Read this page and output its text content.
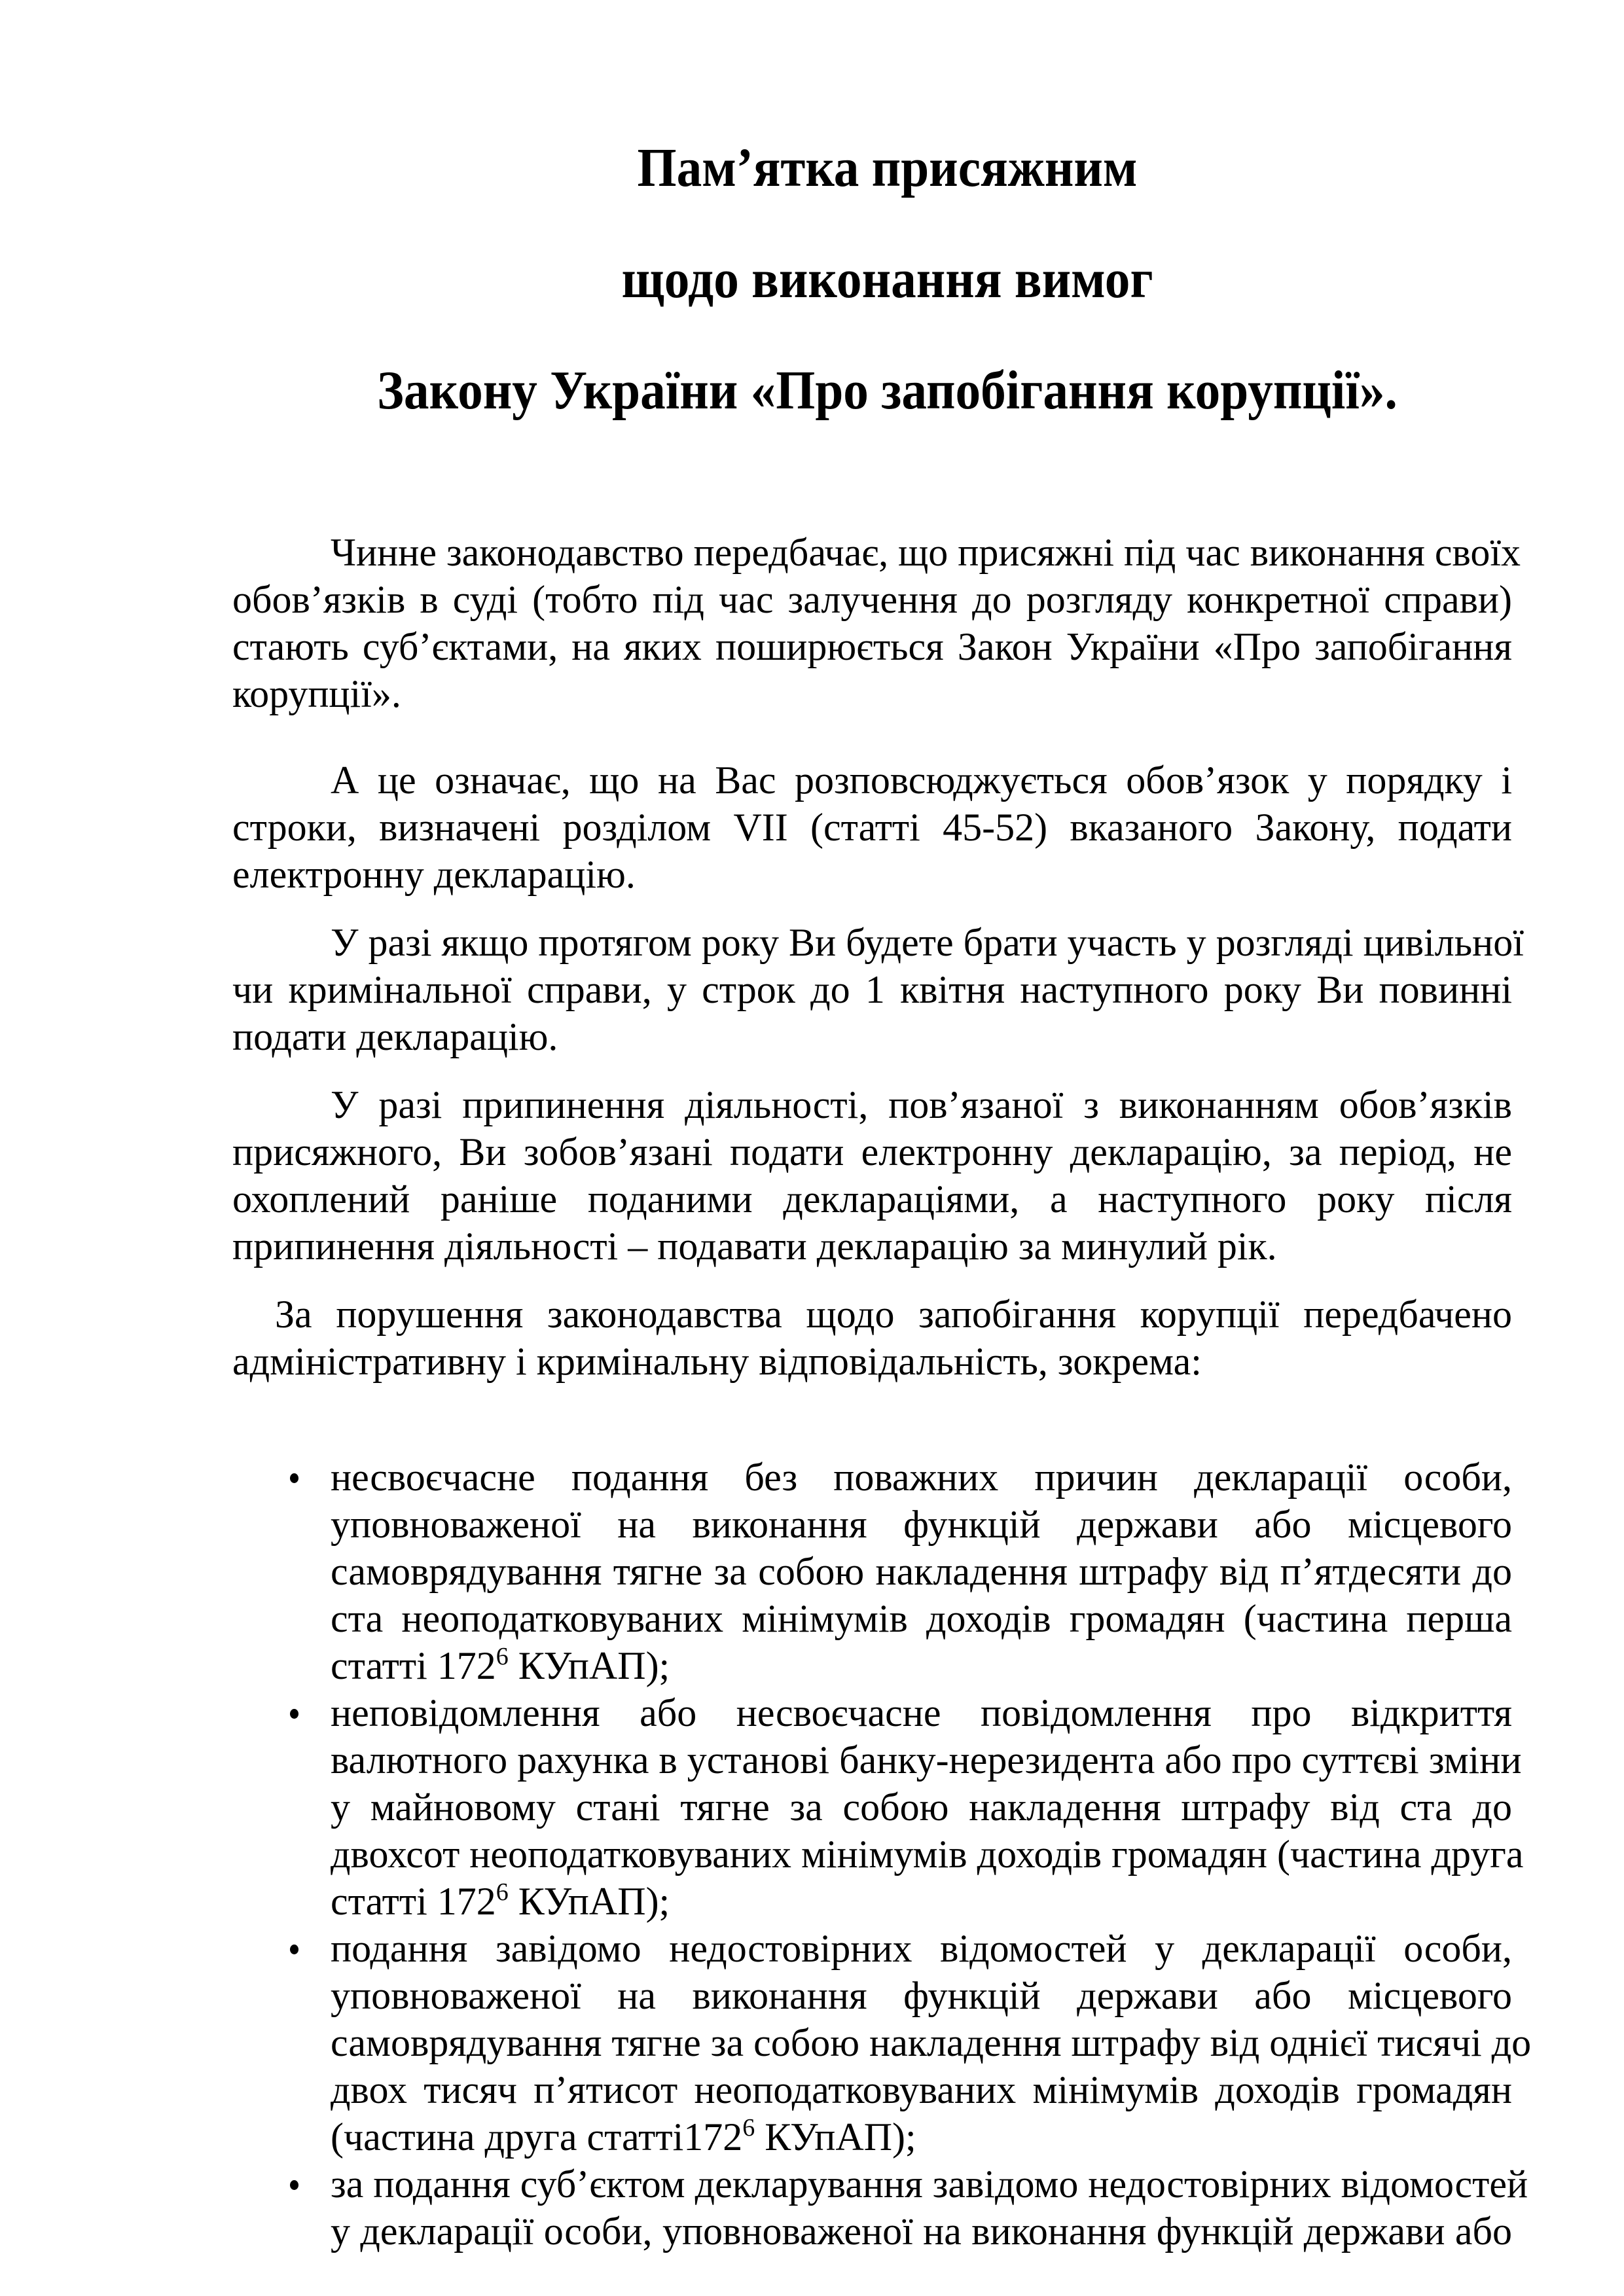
Пам’ятка присяжним
щодо виконання вимог
Закону України «Про запобігання корупції».
Чинне законодавство передбачає, що присяжні під час виконання своїх
обов’язків в суді (тобто під час залучення до розгляду конкретної справи)
стають суб’єктами, на яких поширюється Закон України «Про запобігання
корупції».
А це означає, що на Вас розповсюджується обов’язок у порядку і
строки, визначені розділом VII (статті 45-52) вказаного Закону, подати
електронну декларацію.
У разі якщо протягом року Ви будете брати участь у розгляді цивільної
чи кримінальної справи, у строк до 1 квітня наступного року Ви повинні
подати декларацію.
У разі припинення діяльності, пов’язаної з виконанням обов’язків
присяжного, Ви зобов’язані подати електронну декларацію, за період, не
охоплений раніше поданими деклараціями, а наступного року після
припинення діяльності – подавати декларацію за минулий рік.
За порушення законодавства щодо запобігання корупції передбачено
адміністративну і кримінальну відповідальність, зокрема:
несвоєчасне подання без поважних причин декларації особи,
уповноваженої на виконання функцій держави або місцевого
самоврядування тягне за собою накладення штрафу від п’ятдесяти до
ста неоподатковуваних мінімумів доходів громадян (частина перша
статті $172^6$ КУпАП);
неповідомлення або несвоєчасне повідомлення про відкриття
валютного рахунка в установі банку-нерезидента або про суттєві зміни
у майновому стані тягне за собою накладення штрафу від ста до
двохсот неоподатковуваних мінімумів доходів громадян (частина друга
статті $172^6$ КУпАП);
подання завідомо недостовірних відомостей у декларації особи,
уповноваженої на виконання функцій держави або місцевого
самоврядування тягне за собою накладення штрафу від однієї тисячі до
двох тисяч п’ятисот неоподатковуваних мінімумів доходів громадян
(частина друга $статті172^6$ КУпАП);
за подання суб’єктом декларування завідомо недостовірних відомостей
у декларації особи, уповноваженої на виконання функцій держави або
